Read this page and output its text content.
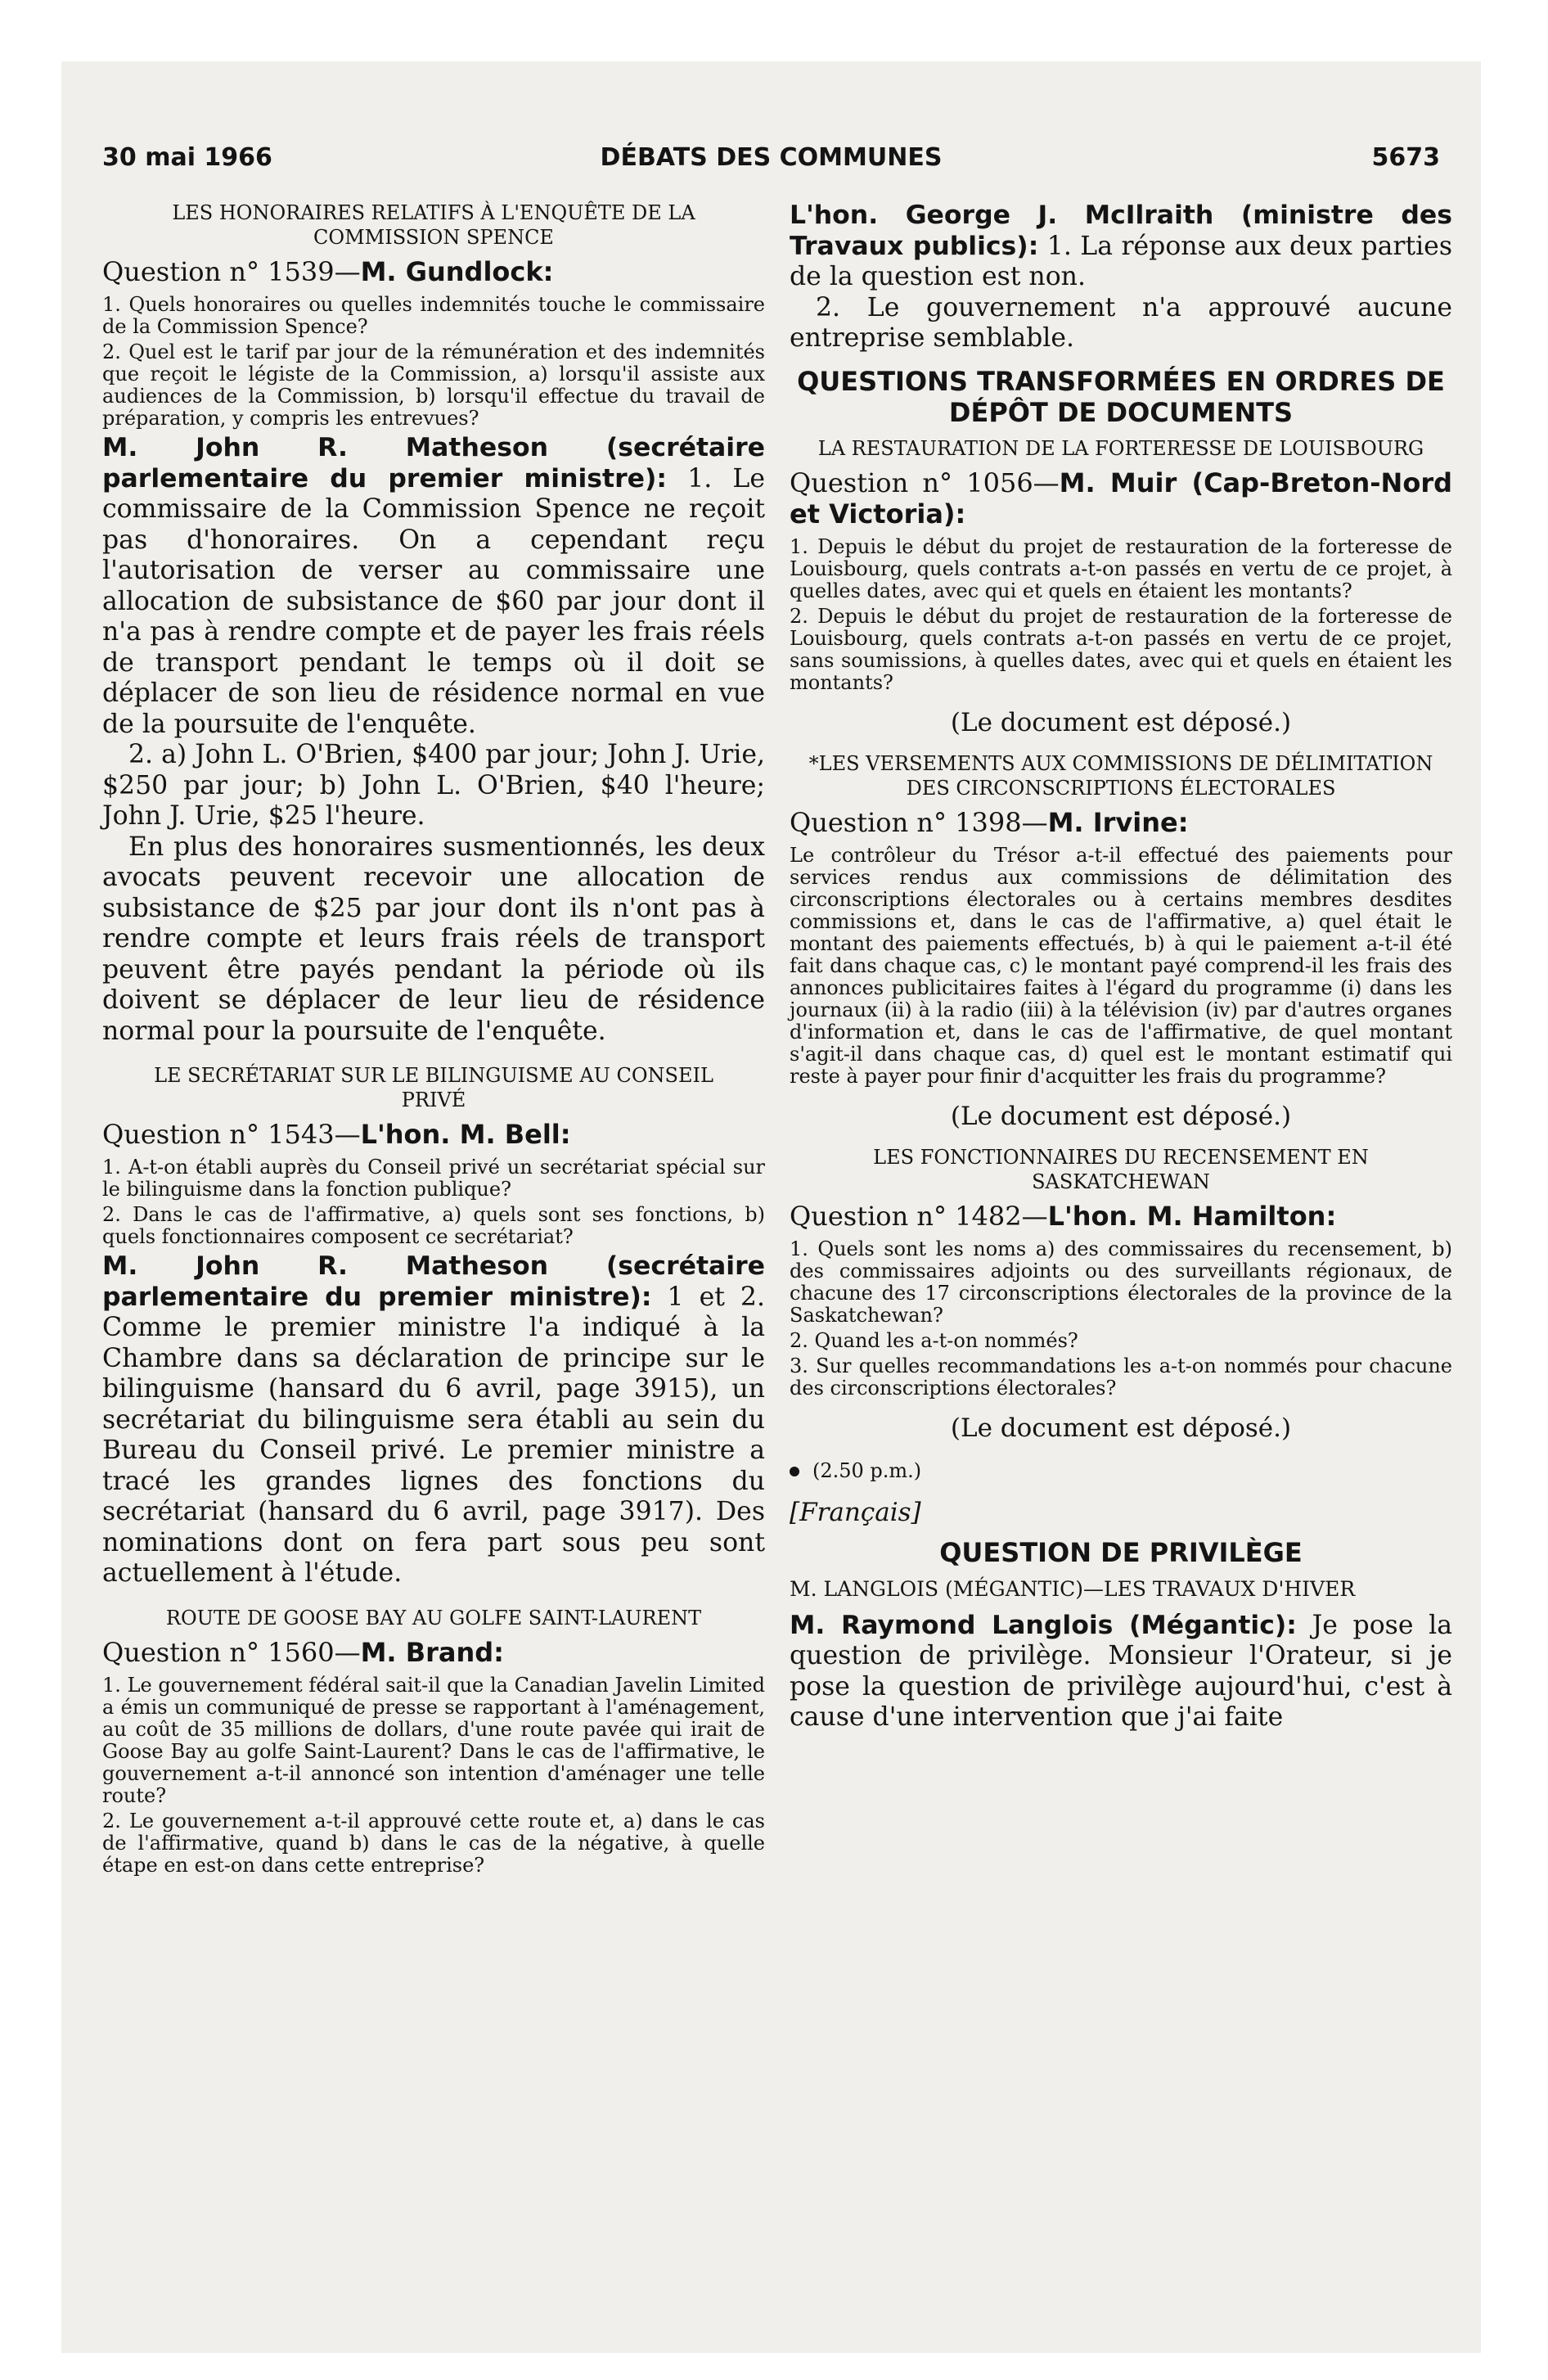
30 mai 1966	DÉBATS DES COMMUNES	5673
LES HONORAIRES RELATIFS À L'ENQUÊTE DE LA COMMISSION SPENCE

Question n° 1539—M. Gundlock:

1. Quels honoraires ou quelles indemnités touche le commissaire de la Commission Spence?

2. Quel est le tarif par jour de la rémunération et des indemnités que reçoit le légiste de la Commission, a) lorsqu'il assiste aux audiences de la Commission, b) lorsqu'il effectue du travail de préparation, y compris les entrevues?

M. John R. Matheson (secrétaire parlementaire du premier ministre): 1. Le commissaire de la Commission Spence ne reçoit pas d'honoraires. On a cependant reçu l'autorisation de verser au commissaire une allocation de subsistance de $60 par jour dont il n'a pas à rendre compte et de payer les frais réels de transport pendant le temps où il doit se déplacer de son lieu de résidence normal en vue de la poursuite de l'enquête.

2. a) John L. O'Brien, $400 par jour; John J. Urie, $250 par jour; b) John L. O'Brien, $40 l'heure; John J. Urie, $25 l'heure.

En plus des honoraires susmentionnés, les deux avocats peuvent recevoir une allocation de subsistance de $25 par jour dont ils n'ont pas à rendre compte et leurs frais réels de transport peuvent être payés pendant la période où ils doivent se déplacer de leur lieu de résidence normal pour la poursuite de l'enquête.

LE SECRÉTARIAT SUR LE BILINGUISME AU CONSEIL PRIVÉ

Question n° 1543—L'hon. M. Bell:

1. A-t-on établi auprès du Conseil privé un secrétariat spécial sur le bilinguisme dans la fonction publique?

2. Dans le cas de l'affirmative, a) quels sont ses fonctions, b) quels fonctionnaires composent ce secrétariat?

M. John R. Matheson (secrétaire parlementaire du premier ministre): 1 et 2. Comme le premier ministre l'a indiqué à la Chambre dans sa déclaration de principe sur le bilinguisme (hansard du 6 avril, page 3915), un secrétariat du bilinguisme sera établi au sein du Bureau du Conseil privé. Le premier ministre a tracé les grandes lignes des fonctions du secrétariat (hansard du 6 avril, page 3917). Des nominations dont on fera part sous peu sont actuellement à l'étude.

ROUTE DE GOOSE BAY AU GOLFE SAINT-LAURENT

Question n° 1560—M. Brand:

1. Le gouvernement fédéral sait-il que la Canadian Javelin Limited a émis un communiqué de presse se rapportant à l'aménagement, au coût de 35 millions de dollars, d'une route pavée qui irait de Goose Bay au golfe Saint-Laurent? Dans le cas de l'affirmative, le gouvernement a-t-il annoncé son intention d'aménager une telle route?

2. Le gouvernement a-t-il approuvé cette route et, a) dans le cas de l'affirmative, quand b) dans le cas de la négative, à quelle étape en est-on dans cette entreprise?

L'hon. George J. McIlraith (ministre des Travaux publics): 1. La réponse aux deux parties de la question est non.

2. Le gouvernement n'a approuvé aucune entreprise semblable.

QUESTIONS TRANSFORMÉES EN ORDRES DE DÉPÔT DE DOCUMENTS
LA RESTAURATION DE LA FORTERESSE DE LOUISBOURG

Question n° 1056—M. Muir (Cap-Breton-Nord et Victoria):

1. Depuis le début du projet de restauration de la forteresse de Louisbourg, quels contrats a-t-on passés en vertu de ce projet, à quelles dates, avec qui et quels en étaient les montants?

2. Depuis le début du projet de restauration de la forteresse de Louisbourg, quels contrats a-t-on passés en vertu de ce projet, sans soumissions, à quelles dates, avec qui et quels en étaient les montants?

(Le document est déposé.)

*LES VERSEMENTS AUX COMMISSIONS DE DÉLIMITATION DES CIRCONSCRIPTIONS ÉLECTORALES

Question n° 1398—M. Irvine:

Le contrôleur du Trésor a-t-il effectué des paiements pour services rendus aux commissions de délimitation des circonscriptions électorales ou à certains membres desdites commissions et, dans le cas de l'affirmative, a) quel était le montant des paiements effectués, b) à qui le paiement a-t-il été fait dans chaque cas, c) le montant payé comprend-il les frais des annonces publicitaires faites à l'égard du programme (i) dans les journaux (ii) à la radio (iii) à la télévision (iv) par d'autres organes d'information et, dans le cas de l'affirmative, de quel montant s'agit-il dans chaque cas, d) quel est le montant estimatif qui reste à payer pour finir d'acquitter les frais du programme?

(Le document est déposé.)

LES FONCTIONNAIRES DU RECENSEMENT EN SASKATCHEWAN

Question n° 1482—L'hon. M. Hamilton:

1. Quels sont les noms a) des commissaires du recensement, b) des commissaires adjoints ou des surveillants régionaux, de chacune des 17 circonscriptions électorales de la province de la Saskatchewan?

2. Quand les a-t-on nommés?

3. Sur quelles recommandations les a-t-on nommés pour chacune des circonscriptions électorales?

(Le document est déposé.)

(2.50 p.m.)

[Français]

QUESTION DE PRIVILÈGE
M. LANGLOIS (MÉGANTIC)—LES TRAVAUX D'HIVER

M. Raymond Langlois (Mégantic): Je pose la question de privilège. Monsieur l'Orateur, si je pose la question de privilège aujourd'hui, c'est à cause d'une intervention que j'ai faite
